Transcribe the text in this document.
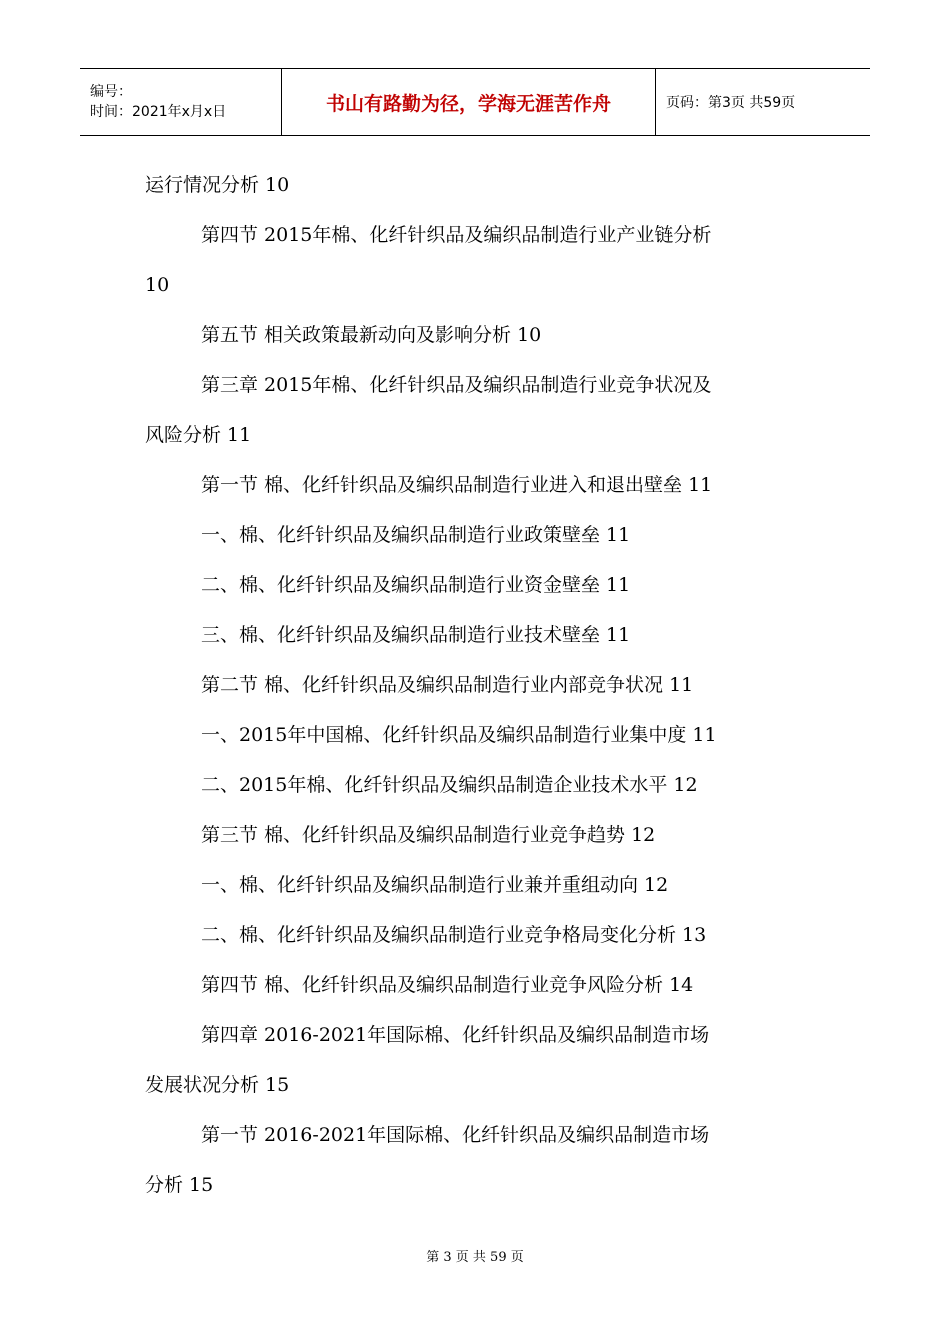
编号：
时间：2021年x月x日	书山有路勤为径，学海无涯苦作舟	页码：第3页 共59页
运行情况分析 10
第四节 2015年棉、化纤针织品及编织品制造行业产业链分析
10
第五节 相关政策最新动向及影响分析 10
第三章 2015年棉、化纤针织品及编织品制造行业竞争状况及
风险分析 11
第一节 棉、化纤针织品及编织品制造行业进入和退出壁垒 11
一、棉、化纤针织品及编织品制造行业政策壁垒 11
二、棉、化纤针织品及编织品制造行业资金壁垒 11
三、棉、化纤针织品及编织品制造行业技术壁垒 11
第二节 棉、化纤针织品及编织品制造行业内部竞争状况 11
一、2015年中国棉、化纤针织品及编织品制造行业集中度 11
二、2015年棉、化纤针织品及编织品制造企业技术水平 12
第三节 棉、化纤针织品及编织品制造行业竞争趋势 12
一、棉、化纤针织品及编织品制造行业兼并重组动向 12
二、棉、化纤针织品及编织品制造行业竞争格局变化分析 13
第四节 棉、化纤针织品及编织品制造行业竞争风险分析 14
第四章 2016-2021年国际棉、化纤针织品及编织品制造市场
发展状况分析 15
第一节 2016-2021年国际棉、化纤针织品及编织品制造市场
分析 15
第 3 页 共 59 页
